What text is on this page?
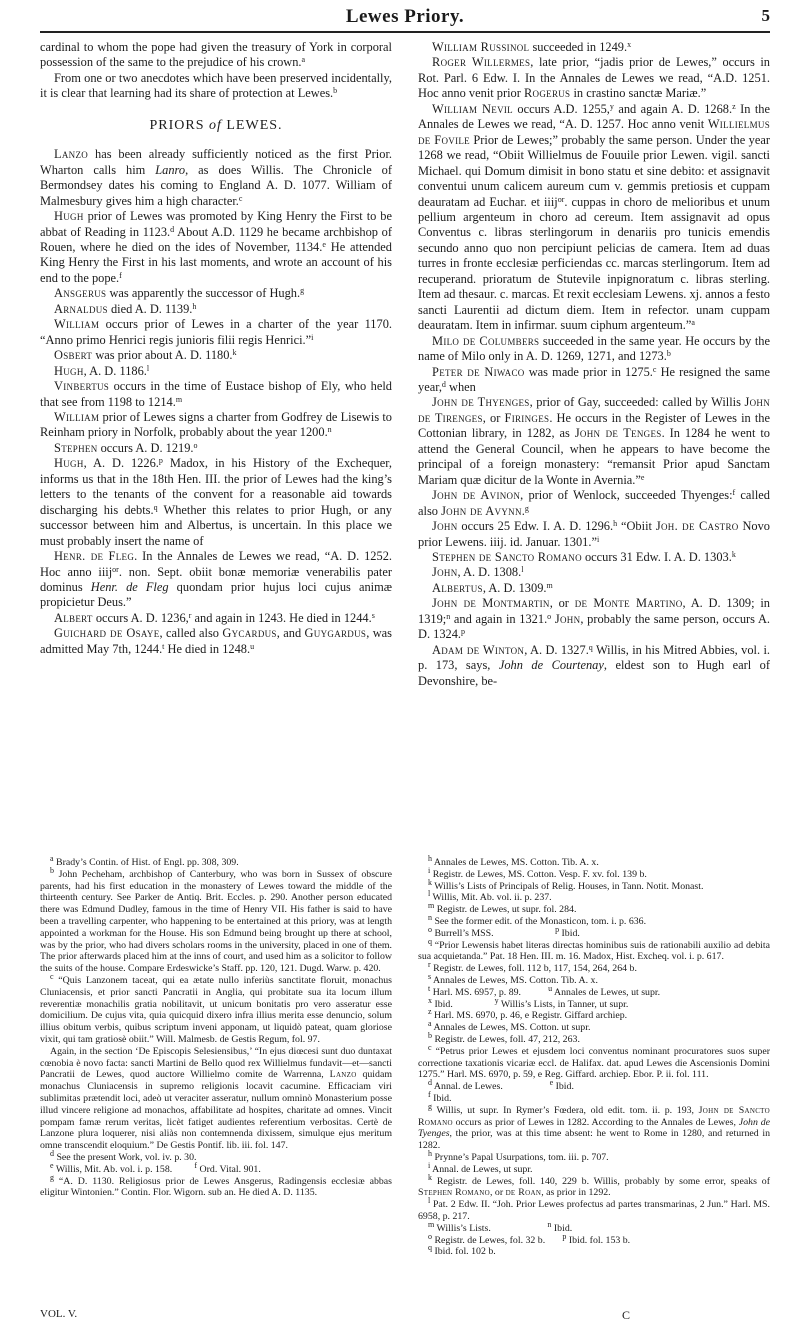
Lewes Priory.	5

cardinal to whom the pope had given the treasury of York in corporal possession of the same to the prejudice of his crown.$^a$

From one or two anecdotes which have been preserved incidentally, it is clear that learning had its share of protection at Lewes.$^b$

PRIORS of LEWES.

Lanzo has been already sufficiently noticed as the first Prior. Wharton calls him Lanro, as does Willis. The Chronicle of Bermondsey dates his coming to England A. D. 1077. William of Malmesbury gives him a high character.$^c$

Hugh prior of Lewes was promoted by King Henry the First to be abbat of Reading in 1123.$^d$ About A.D. 1129 he became archbishop of Rouen, where he died on the ides of November, 1134.$^e$ He attended King Henry the First in his last moments, and wrote an account of his end to the pope.$^f$

Ansgerus was apparently the successor of Hugh.$^g$

Arnaldus died A. D. 1139.$^h$

William occurs prior of Lewes in a charter of the year 1170. “Anno primo Henrici regis junioris filii regis Henrici.”$^i$

Osbert was prior about A. D. 1180.$^k$

Hugh, A. D. 1186.$^l$

Vinbertus occurs in the time of Eustace bishop of Ely, who held that see from 1198 to 1214.$^m$

William prior of Lewes signs a charter from Godfrey de Lisewis to Reinham priory in Norfolk, probably about the year 1200.$^n$

Stephen occurs A. D. 1219.$^o$

Hugh, A. D. 1226.$^p$ Madox, in his History of the Exchequer, informs us that in the 18th Hen. III. the prior of Lewes had the king’s letters to the tenants of the convent for a reasonable aid towards discharging his debts.$^q$ Whether this relates to prior Hugh, or any successor between him and Albertus, is uncertain. In this place we must probably insert the name of

Henr. de Fleg. In the Annales de Lewes we read, “A. D. 1252. Hoc anno iiij$^{or}$. non. Sept. obiit bonæ memoriæ venerabilis pater dominus Henr. de Fleg quondam prior hujus loci cujus animæ propicietur Deus.”

Albert occurs A. D. 1236,$^r$ and again in 1243. He died in 1244.$^s$

Guichard de Osaye, called also Gycardus, and Guygardus, was admitted May 7th, 1244.$^t$ He died in 1248.$^u$

William Russinol succeeded in 1249.$^x$

Roger Willermes, late prior, “jadis prior de Lewes,” occurs in Rot. Parl. 6 Edw. I. In the Annales de Lewes we read, “A.D. 1251. Hoc anno venit prior Rogerus in crastino sanctæ Mariæ.”

William Nevil occurs A.D. 1255,$^y$ and again A. D. 1268.$^z$ In the Annales de Lewes we read, “A. D. 1257. Hoc anno venit Willielmus de Fovile Prior de Lewes;” probably the same person. Under the year 1268 we read, “Obiit Willielmus de Fouuile prior Lewen. vigil. sancti Michael. qui Domum dimisit in bono statu et sine debito: et assignavit conventui unum calicem aureum cum v. gemmis pretiosis et cuppam deauratam ad Euchar. et iiij$^{or}$. cuppas in choro de melioribus et unum pellium argenteum in choro ad cereum. Item assignavit ad opus Conventus c. libras sterlingorum in denariis pro tunicis emendis secundo anno quo non percipiunt pelicias de camera. Item ad duas turres in fronte ecclesiæ perficiendas cc. marcas sterlingorum. Item ad recuperand. prioratum de Stutevile inpignoratum c. libras sterling. Item ad thesaur. c. marcas. Et rexit ecclesiam Lewens. xj. annos a festo sancti Laurentii ad dictum diem. Item in refector. unam cuppam deauratam. Item in infirmar. suum ciphum argenteum.”$^a$

Milo de Columbers succeeded in the same year. He occurs by the name of Milo only in A. D. 1269, 1271, and 1273.$^b$

Peter de Niwaco was made prior in 1275.$^c$ He resigned the same year,$^d$ when

John de Thyenges, prior of Gay, succeeded: called by Willis John de Tirenges, or Firinges. He occurs in the Register of Lewes in the Cottonian library, in 1282, as John de Tenges. In 1284 he went to attend the General Council, when he appears to have become the principal of a foreign monastery: “remansit Prior apud Sanctam Mariam quæ dicitur de la Wonte in Avernia.”$^e$

John de Avinon, prior of Wenlock, succeeded Thyenges:$^f$ called also John de Avynn.$^g$

John occurs 25 Edw. I. A. D. 1296.$^h$ “Obiit Joh. de Castro Novo prior Lewens. iiij. id. Januar. 1301.”$^i$

Stephen de Sancto Romano occurs 31 Edw. I. A. D. 1303.$^k$

John, A. D. 1308.$^l$

Albertus, A. D. 1309.$^m$

John de Montmartin, or de Monte Martino, A. D. 1309; in 1319;$^n$ and again in 1321.$^o$ John, probably the same person, occurs A. D. 1324.$^p$

Adam de Winton, A. D. 1327.$^q$ Willis, in his Mitred Abbies, vol. i. p. 173, says, John de Courtenay, eldest son to Hugh earl of Devonshire, be-

$^a$ Brady’s Contin. of Hist. of Engl. pp. 308, 309.

$^b$ John Pecheham, archbishop of Canterbury, who was born in Sussex of obscure parents, had his first education in the monastery of Lewes toward the middle of the thirteenth century. See Parker de Antiq. Brit. Eccles. p. 290. Another person educated there was Edmund Dudley, famous in the time of Henry VII. His father is said to have been a travelling carpenter, who happening to be entertained at this priory, was at length appointed a workman for the House. His son Edmund being brought up there at school, was by the prior, who had divers scholars rooms in the university, placed in one of them. The prior afterwards placed him at the inns of court, and used him as a solicitor to follow the suits of the house. Compare Erdeswicke’s Staff. pp. 120, 121. Dugd. Warw. p. 420.

$^c$ “Quis Lanzonem taceat, qui ea ætate nullo inferiùs sanctitate floruit, monachus Cluniacensis, et prior sancti Pancratii in Anglia, qui probitate sua ita locum illum reverentiæ monachilis gratia nobilitavit, ut unicum bonitatis pro vero asseratur esse domicilium. De cujus vita, quia quicquid dixero infra illius merita esse denuncio, solum illius obitum verbis, quibus scriptum inveni apponam, ut liquidò pateat, quam gloriose vixit, qui tam gratiosè obiit.” Will. Malmesb. de Gestis Regum, fol. 97.

Again, in the section ‘De Episcopis Selesiensibus,’ “In ejus diœcesi sunt duo duntaxat cœnobia è novo facta: sancti Martini de Bello quod rex Willielmus fundavit—et—sancti Pancratii de Lewes, quod auctore Willielmo comite de Warrenna, Lanzo quidam monachus Cluniacensis in supremo religionis locavit cacumine. Efficaciam viri sublimitas prætendit loci, adeò ut veraciter asseratur, nullum omninò Monasterium posse illud vincere religione ad monachos, affabilitate ad hospites, charitate ad omnes. Vincit pompam famæ rerum veritas, licèt fatiget audientes referentium verbositas. Certè de Lanzone plura loquerer, nisi aliàs non contemnenda dixissem, simulque ejus meritum omne transcendit eloquium.” De Gestis Pontif. lib. iii. fol. 147.

$^d$ See the present Work, vol. iv. p. 30.

$^e$ Willis, Mit. Ab. vol. i. p. 158.         $^f$ Ord. Vital. 901.

$^g$ “A. D. 1130. Religiosus prior de Lewes Ansgerus, Radingensis ecclesiæ abbas eligitur Wintonien.” Contin. Flor. Wigorn. sub an. He died A. D. 1135.

$^h$ Annales de Lewes, MS. Cotton. Tib. A. x.

$^i$ Registr. de Lewes, MS. Cotton. Vesp. F. xv. fol. 139 b.

$^k$ Willis’s Lists of Principals of Relig. Houses, in Tann. Notit. Monast.

$^l$ Willis, Mit. Ab. vol. ii. p. 237.

$^m$ Registr. de Lewes, ut supr. fol. 284.

$^n$ See the former edit. of the Monasticon, tom. i. p. 636.

$^o$ Burrell’s MSS.                         $^p$ Ibid.

$^q$ “Prior Lewensis habet literas directas hominibus suis de rationabili auxilio ad debita sua acquietanda.” Pat. 18 Hen. III. m. 16. Madox, Hist. Excheq. vol. i. p. 617.

$^r$ Registr. de Lewes, foll. 112 b, 117, 154, 264, 264 b.

$^s$ Annales de Lewes, MS. Cotton. Tib. A. x.

$^t$ Harl. MS. 6957, p. 89.           $^u$ Annales de Lewes, ut supr.

$^x$ Ibid.                 $^y$ Willis’s Lists, in Tanner, ut supr.

$^z$ Harl. MS. 6970, p. 46, e Registr. Giffard archiep.

$^a$ Annales de Lewes, MS. Cotton. ut supr.

$^b$ Registr. de Lewes, foll. 47, 212, 263.

$^c$ “Petrus prior Lewes et ejusdem loci conventus nominant procuratores suos super correctione taxationis vicariæ eccl. de Halifax. dat. apud Lewes die Ascensionis Domini 1275.” Harl. MS. 6970, p. 59, e Reg. Giffard. archiep. Ebor. P. ii. fol. 111.

$^d$ Annal. de Lewes.                   $^e$ Ibid.

$^f$ Ibid.

$^g$ Willis, ut supr. In Rymer’s Fœdera, old edit. tom. ii. p. 193, John de Sancto Romano occurs as prior of Lewes in 1282. According to the Annales de Lewes, John de Tyenges, the prior, was at this time absent: he went to Rome in 1280, and returned in 1282.

$^h$ Prynne’s Papal Usurpations, tom. iii. p. 707.

$^i$ Annal. de Lewes, ut supr.

$^k$ Registr. de Lewes, foll. 140, 229 b. Willis, probably by some error, speaks of Stephen Romano, or de Roan, as prior in 1292.

$^l$ Pat. 2 Edw. II. “Joh. Prior Lewes profectus ad partes transmarinas, 2 Jun.” Harl. MS. 6958, p. 217.

$^m$ Willis’s Lists.                       $^n$ Ibid.

$^o$ Registr. de Lewes, fol. 32 b.       $^p$ Ibid. fol. 153 b.

$^q$ Ibid. fol. 102 b.

VOL. V.	C
